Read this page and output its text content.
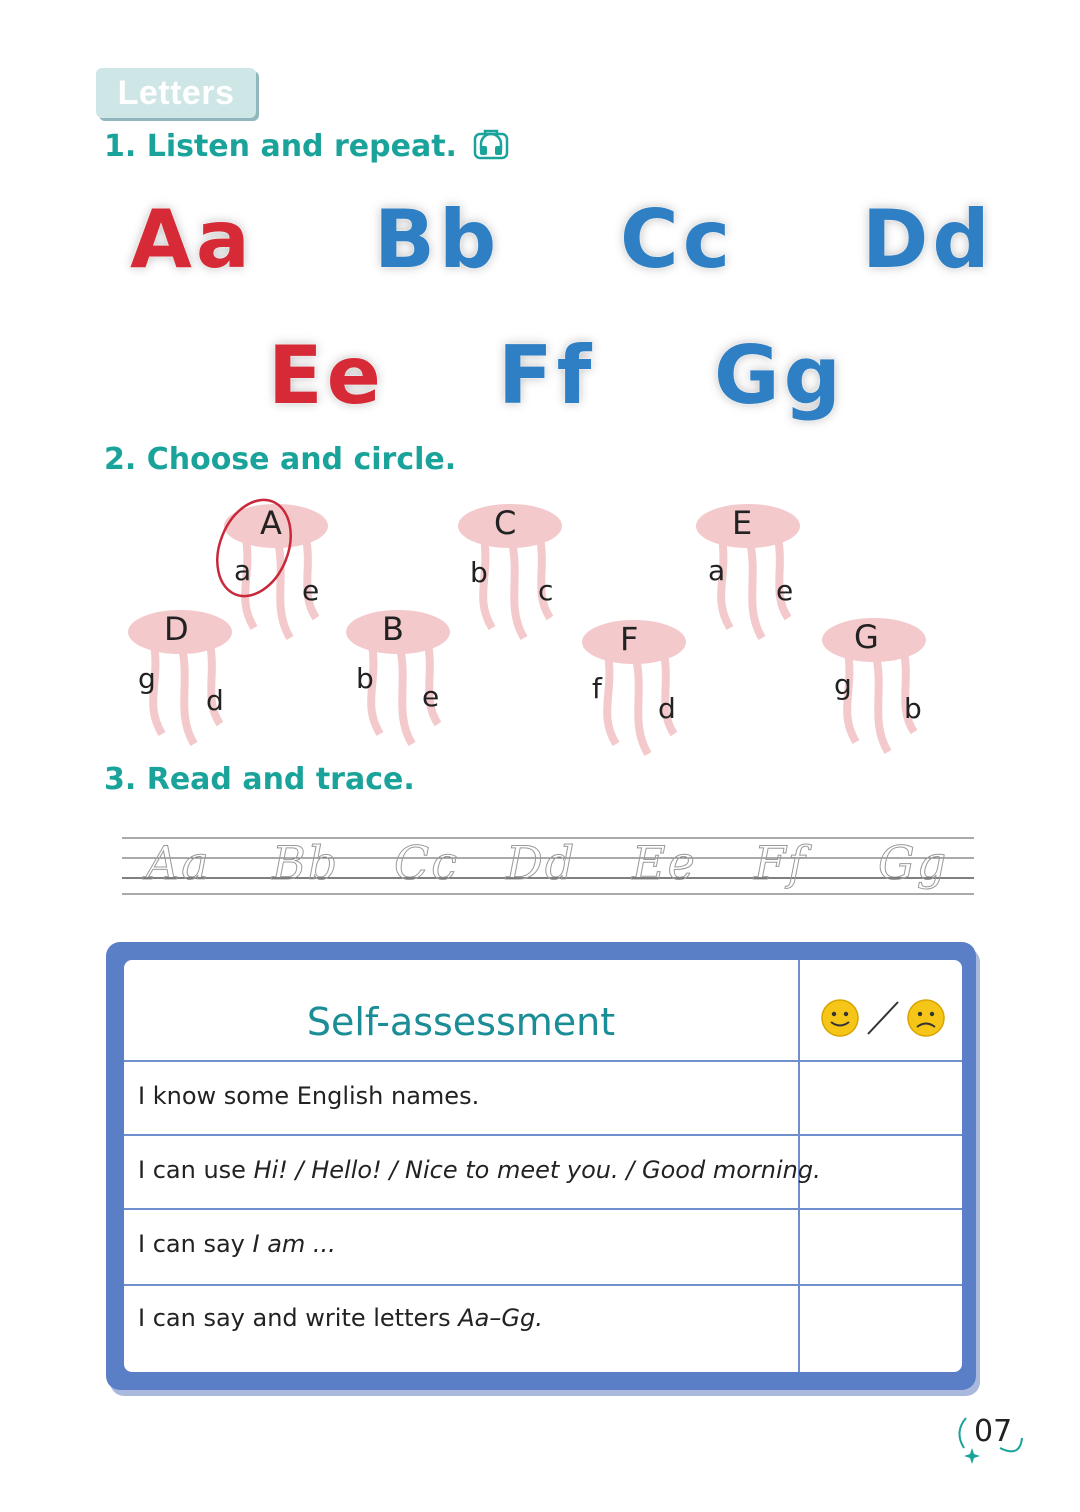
Letters
1. Listen and repeat.
Aa Bb Cc Dd
Ee Ff Gg
2. Choose and circle.
A
a
e
C
b
c
E
a
e
D
g
d
B
b
e
F
f
d
G
g
b
3. Read and trace.
Aa Bb Cc Dd Ee Ff Gg
Self-assessment
I know some English names.
I can use Hi! / Hello! / Nice to meet you. / Good morning.
I can say I am ...
I can say and write letters Aa–Gg.
07
